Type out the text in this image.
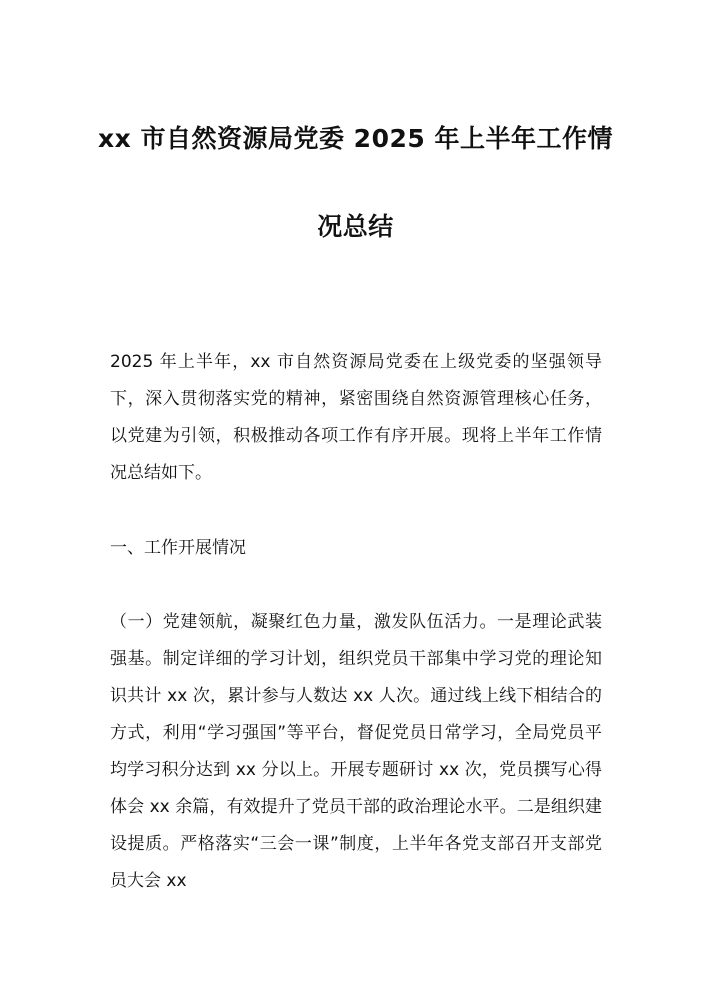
xx 市自然资源局党委 2025 年上半年工作情
况总结

2025 年上半年，xx 市自然资源局党委在上级党委的坚强领导下，深入贯彻落实党的精神，紧密围绕自然资源管理核心任务，以党建为引领，积极推动各项工作有序开展。现将上半年工作情况总结如下。

一、工作开展情况

（一）党建领航，凝聚红色力量，激发队伍活力。一是理论武装强基。制定详细的学习计划，组织党员干部集中学习党的理论知识共计 xx 次，累计参与人数达 xx 人次。通过线上线下相结合的方式，利用“学习强国”等平台，督促党员日常学习，全局党员平均学习积分达到 xx 分以上。开展专题研讨 xx 次，党员撰写心得体会 xx 余篇，有效提升了党员干部的政治理论水平。二是组织建设提质。严格落实“三会一课”制度，上半年各党支部召开支部党员大会 xx
